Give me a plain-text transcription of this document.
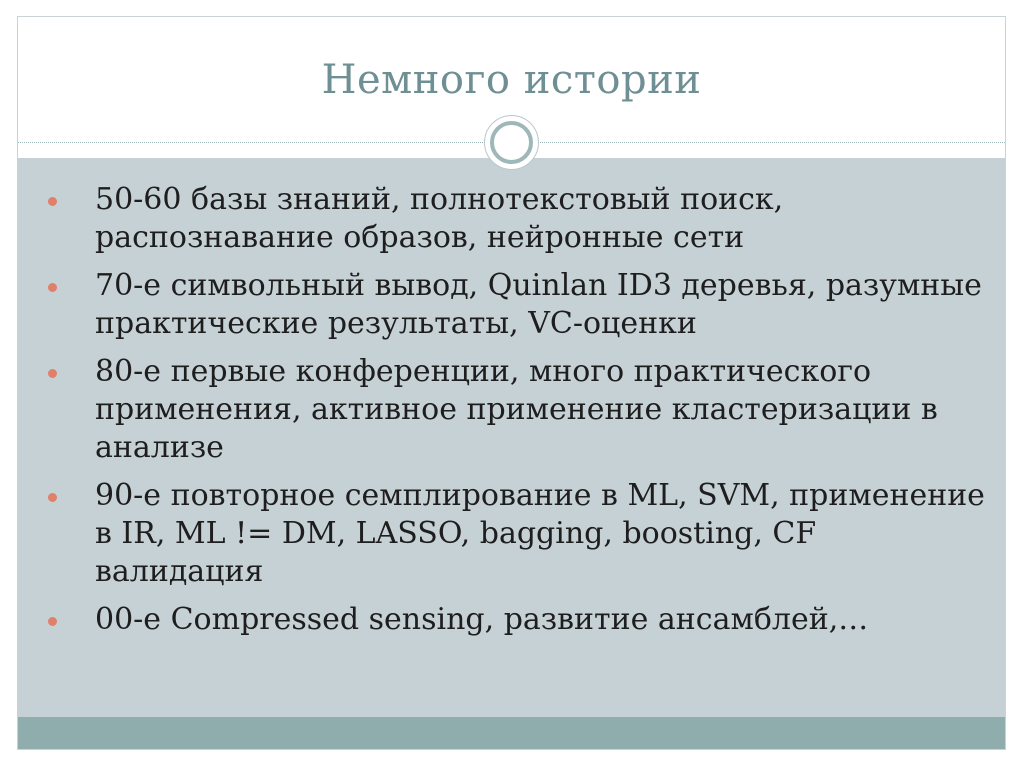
Немного истории
50-60 базы знаний, полнотекстовый поиск, распознавание образов, нейронные сети
70-е символьный вывод, Quinlan ID3 деревья, разумные практические результаты, VC-оценки
80-е первые конференции, много практического применения, активное применение кластеризации в анализе
90-е повторное семплирование в ML, SVM, применение в IR, ML != DM, LASSO, bagging, boosting, CF валидация
00-е Compressed sensing, развитие ансамблей,…
